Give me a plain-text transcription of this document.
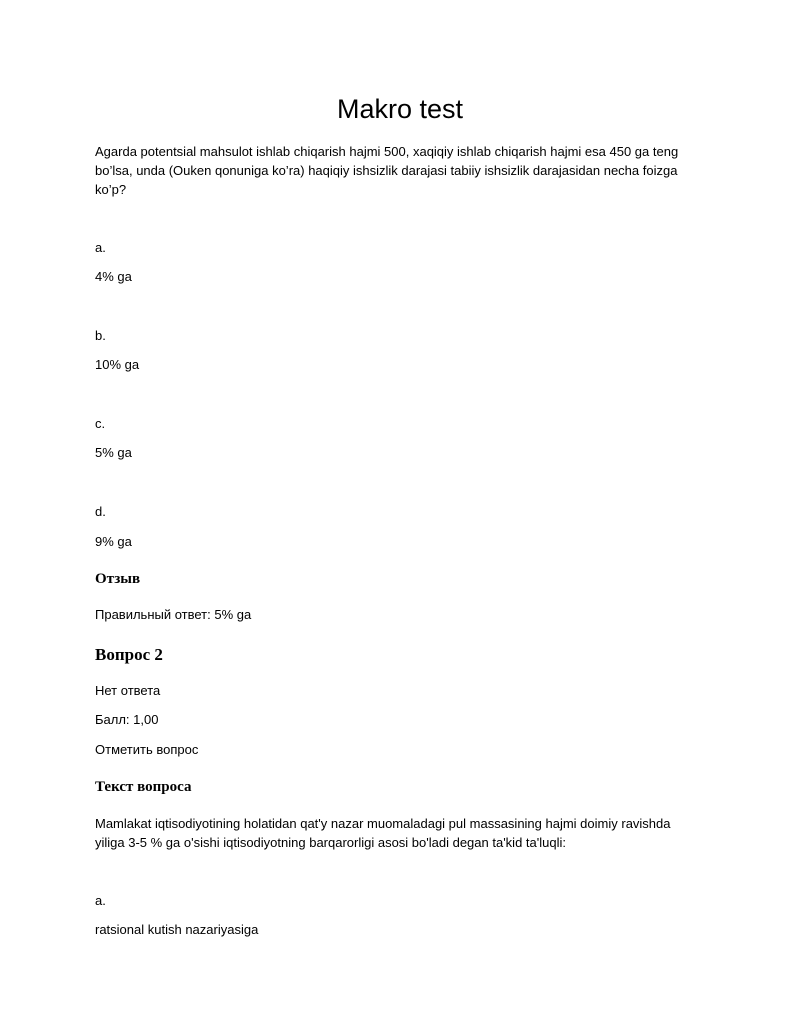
Makro test

Agarda potentsial mahsulot ishlab chiqarish hajmi 500, xaqiqiy ishlab chiqarish hajmi esa 450 ga teng bo’lsa, unda (Ouken qonuniga ko’ra) haqiqiy ishsizlik darajasi tabiiy ishsizlik darajasidan necha foizga ko’p?

a.

4% ga

b.

10% ga

c.

5% ga

d.

9% ga

Отзыв

Правильный ответ: 5% ga

Вопрос 2

Нет ответа

Балл: 1,00

Отметить вопрос

Текст вопроса

Mamlakat iqtisodiyotining holatidan qat'y nazar muomaladagi pul massasining hajmi doimiy ravishda yiliga 3-5 % ga o'sishi iqtisodiyotning barqarorligi asosi bo'ladi degan ta'kid ta'luqli:

a.

ratsional kutish nazariyasiga
